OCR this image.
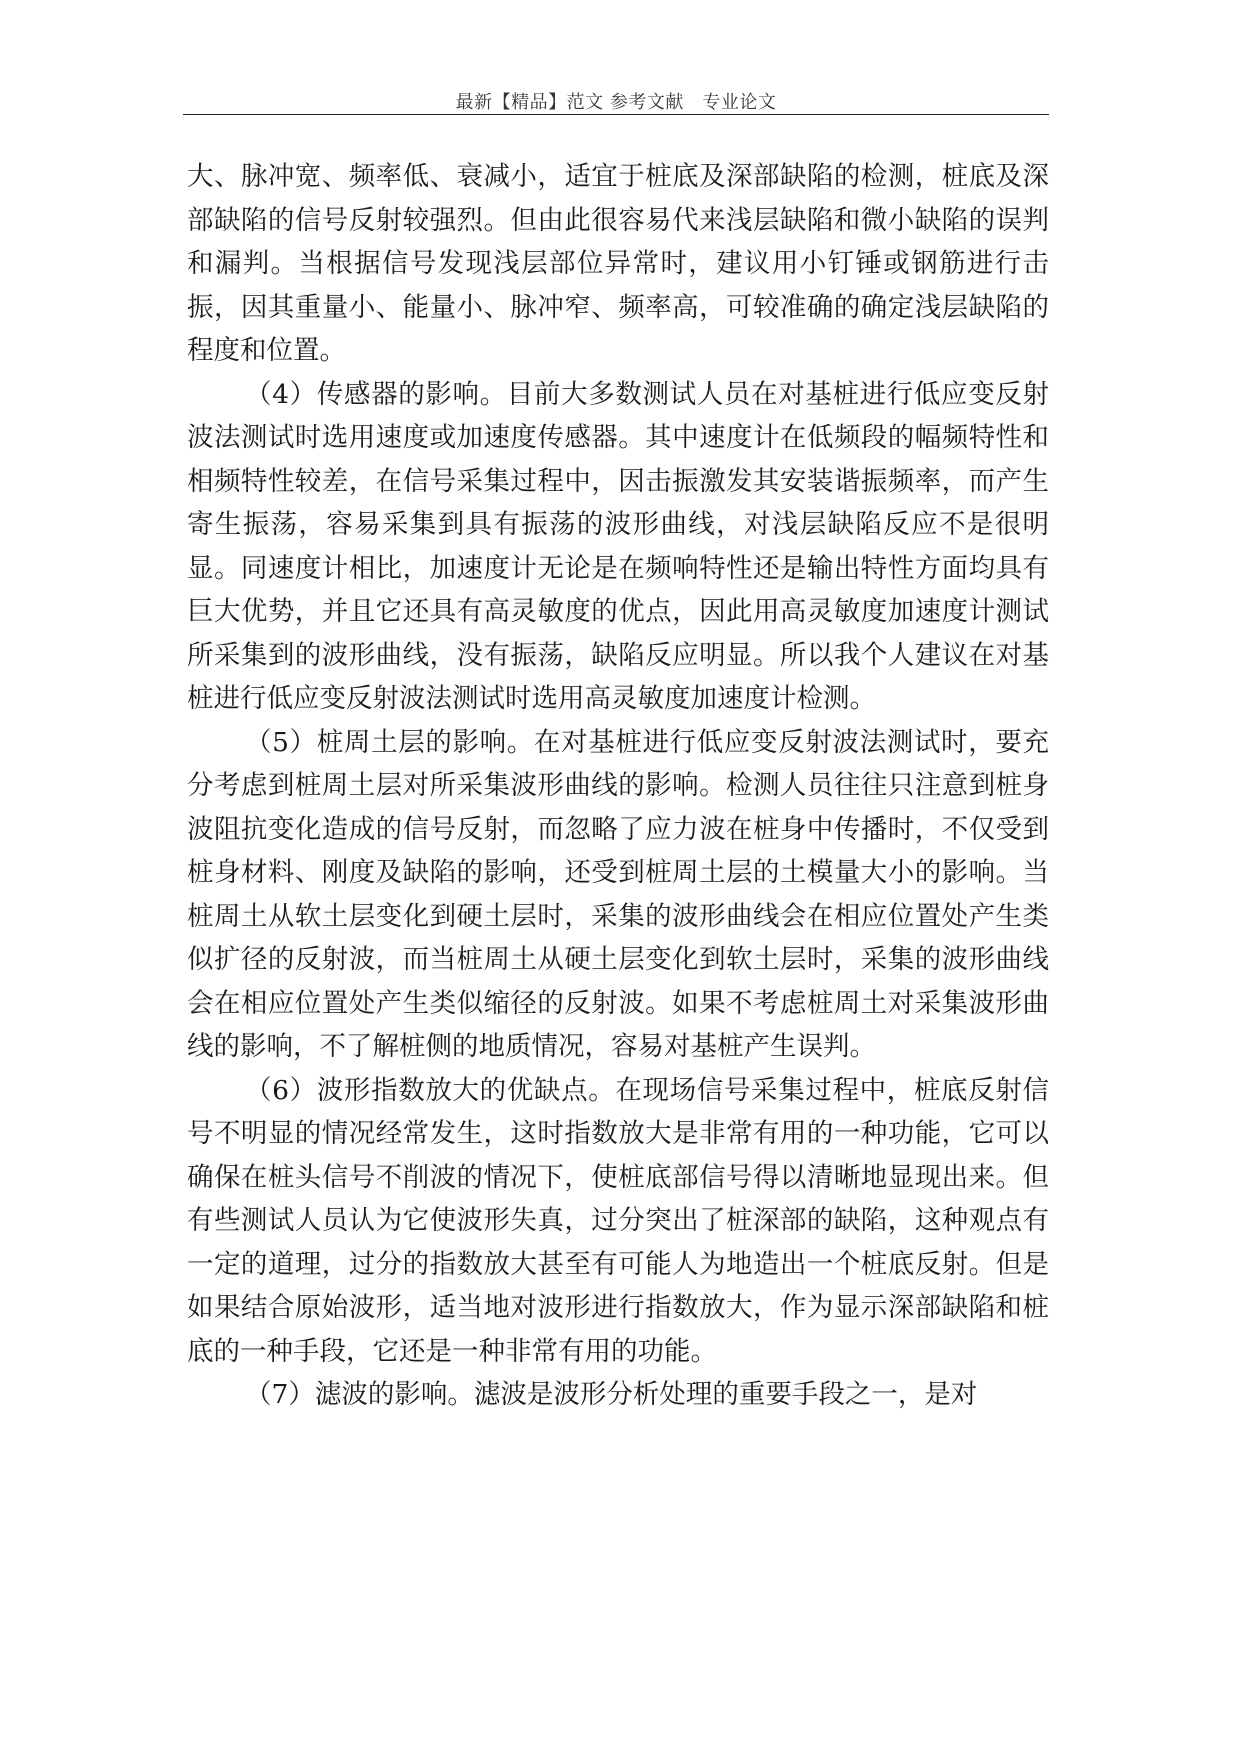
最新【精品】范文 参考文献　专业论文

大、脉冲宽、频率低、衰减小，适宜于桩底及深部缺陷的检测，桩底及深部缺陷的信号反射较强烈。但由此很容易代来浅层缺陷和微小缺陷的误判和漏判。当根据信号发现浅层部位异常时，建议用小钉锤或钢筋进行击振，因其重量小、能量小、脉冲窄、频率高，可较准确的确定浅层缺陷的程度和位置。

（4）传感器的影响。目前大多数测试人员在对基桩进行低应变反射波法测试时选用速度或加速度传感器。其中速度计在低频段的幅频特性和相频特性较差，在信号采集过程中，因击振激发其安装谐振频率，而产生寄生振荡，容易采集到具有振荡的波形曲线，对浅层缺陷反应不是很明显。同速度计相比，加速度计无论是在频响特性还是输出特性方面均具有巨大优势，并且它还具有高灵敏度的优点，因此用高灵敏度加速度计测试所采集到的波形曲线，没有振荡，缺陷反应明显。所以我个人建议在对基桩进行低应变反射波法测试时选用高灵敏度加速度计检测。

（5）桩周土层的影响。在对基桩进行低应变反射波法测试时，要充分考虑到桩周土层对所采集波形曲线的影响。检测人员往往只注意到桩身波阻抗变化造成的信号反射，而忽略了应力波在桩身中传播时，不仅受到桩身材料、刚度及缺陷的影响，还受到桩周土层的土模量大小的影响。当桩周土从软土层变化到硬土层时，采集的波形曲线会在相应位置处产生类似扩径的反射波，而当桩周土从硬土层变化到软土层时，采集的波形曲线会在相应位置处产生类似缩径的反射波。如果不考虑桩周土对采集波形曲线的影响，不了解桩侧的地质情况，容易对基桩产生误判。

（6）波形指数放大的优缺点。在现场信号采集过程中，桩底反射信号不明显的情况经常发生，这时指数放大是非常有用的一种功能，它可以确保在桩头信号不削波的情况下，使桩底部信号得以清晰地显现出来。但有些测试人员认为它使波形失真，过分突出了桩深部的缺陷，这种观点有一定的道理，过分的指数放大甚至有可能人为地造出一个桩底反射。但是如果结合原始波形，适当地对波形进行指数放大，作为显示深部缺陷和桩底的一种手段，它还是一种非常有用的功能。

（7）滤波的影响。滤波是波形分析处理的重要手段之一，是对
